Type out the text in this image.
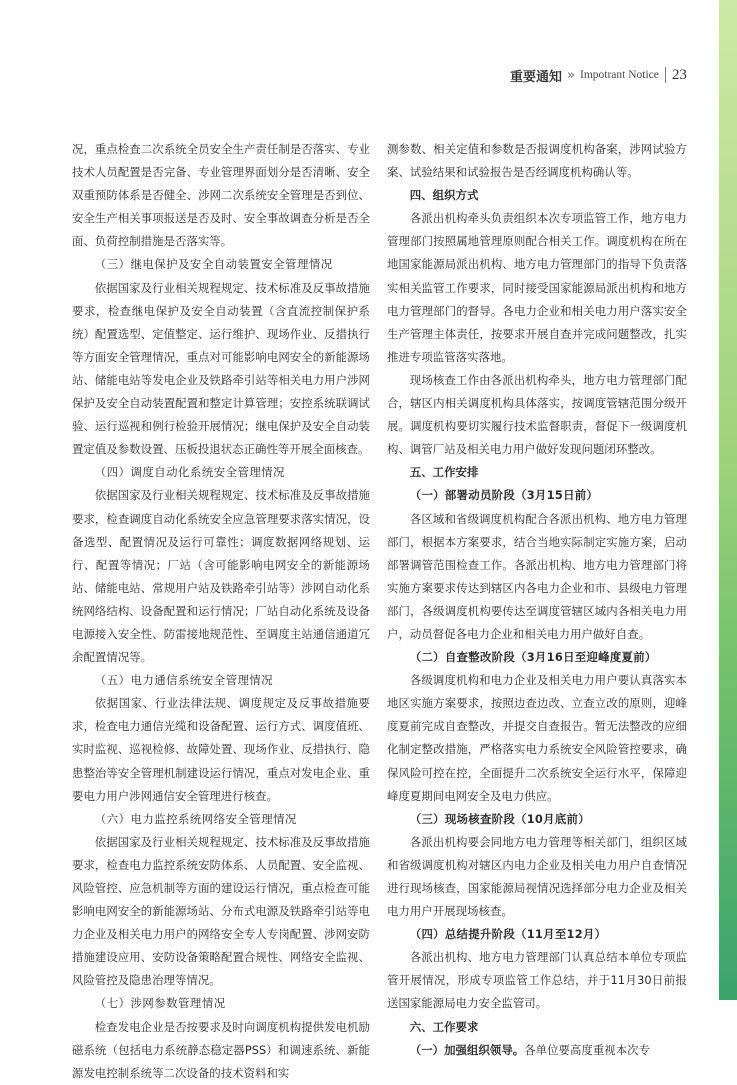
重要通知 » Impotrant Notice 23

况，重点检查二次系统全员安全生产责任制是否落实、专业技术人员配置是否完备、专业管理界面划分是否清晰、安全双重预防体系是否健全、涉网二次系统安全管理是否到位、安全生产相关事项报送是否及时、安全事故调查分析是否全面、负荷控制措施是否落实等。

（三）继电保护及安全自动装置安全管理情况

依据国家及行业相关规程规定、技术标准及反事故措施要求，检查继电保护及安全自动装置（含直流控制保护系统）配置选型、定值整定、运行维护、现场作业、反措执行等方面安全管理情况，重点对可能影响电网安全的新能源场站、储能电站等发电企业及铁路牵引站等相关电力用户涉网保护及安全自动装置配置和整定计算管理；安控系统联调试验、运行巡视和例行检验开展情况；继电保护及安全自动装置定值及参数设置、压板投退状态正确性等开展全面核查。

（四）调度自动化系统安全管理情况

依据国家及行业相关规程规定、技术标准及反事故措施要求，检查调度自动化系统安全应急管理要求落实情况，设备选型、配置情况及运行可靠性；调度数据网络规划、运行、配置等情况；厂站（含可能影响电网安全的新能源场站、储能电站、常规用户站及铁路牵引站等）涉网自动化系统网络结构、设备配置和运行情况；厂站自动化系统及设备电源接入安全性、防雷接地规范性、至调度主站通信通道冗余配置情况等。

（五）电力通信系统安全管理情况

依据国家、行业法律法规、调度规定及反事故措施要求，检查电力通信光缆和设备配置、运行方式、调度值班、实时监视、巡视检修、故障处置、现场作业、反措执行、隐患整治等安全管理机制建设运行情况，重点对发电企业、重要电力用户涉网通信安全管理进行核查。

（六）电力监控系统网络安全管理情况

依据国家及行业相关规程规定、技术标准及反事故措施要求，检查电力监控系统安防体系、人员配置、安全监视、风险管控、应急机制等方面的建设运行情况，重点检查可能影响电网安全的新能源场站、分布式电源及铁路牵引站等电力企业及相关电力用户的网络安全专人专岗配置、涉网安防措施建设应用、安防设备策略配置合规性、网络安全监视、风险管控及隐患治理等情况。

（七）涉网参数管理情况

检查发电企业是否按要求及时向调度机构提供发电机励磁系统（包括电力系统静态稳定器PSS）和调速系统、新能源发电控制系统等二次设备的技术资料和实

测参数、相关定值和参数是否报调度机构备案，涉网试验方案、试验结果和试验报告是否经调度机构确认等。

四、组织方式

各派出机构牵头负责组织本次专项监管工作，地方电力管理部门按照属地管理原则配合相关工作。调度机构在所在地国家能源局派出机构、地方电力管理部门的指导下负责落实相关监管工作要求，同时接受国家能源局派出机构和地方电力管理部门的督导。各电力企业和相关电力用户落实安全生产管理主体责任，按要求开展自查并完成问题整改，扎实推进专项监管落实落地。

现场核查工作由各派出机构牵头，地方电力管理部门配合，辖区内相关调度机构具体落实，按调度管辖范围分级开展。调度机构要切实履行技术监督职责，督促下一级调度机构、调管厂站及相关电力用户做好发现问题闭环整改。

五、工作安排

（一）部署动员阶段（3月15日前）

各区域和省级调度机构配合各派出机构、地方电力管理部门，根据本方案要求，结合当地实际制定实施方案，启动部署调管范围检查工作。各派出机构、地方电力管理部门将实施方案要求传达到辖区内各电力企业和市、县级电力管理部门，各级调度机构要传达至调度管辖区域内各相关电力用户，动员督促各电力企业和相关电力用户做好自查。

（二）自查整改阶段（3月16日至迎峰度夏前）

各级调度机构和电力企业及相关电力用户要认真落实本地区实施方案要求，按照边查边改、立查立改的原则，迎峰度夏前完成自查整改，并提交自查报告。暂无法整改的应细化制定整改措施，严格落实电力系统安全风险管控要求，确保风险可控在控，全面提升二次系统安全运行水平，保障迎峰度夏期间电网安全及电力供应。

（三）现场核查阶段（10月底前）

各派出机构要会同地方电力管理等相关部门，组织区域和省级调度机构对辖区内电力企业及相关电力用户自查情况进行现场核查，国家能源局视情况选择部分电力企业及相关电力用户开展现场核查。

（四）总结提升阶段（11月至12月）

各派出机构、地方电力管理部门认真总结本单位专项监管开展情况，形成专项监管工作总结，并于11月30日前报送国家能源局电力安全监管司。

六、工作要求

（一）加强组织领导。各单位要高度重视本次专
